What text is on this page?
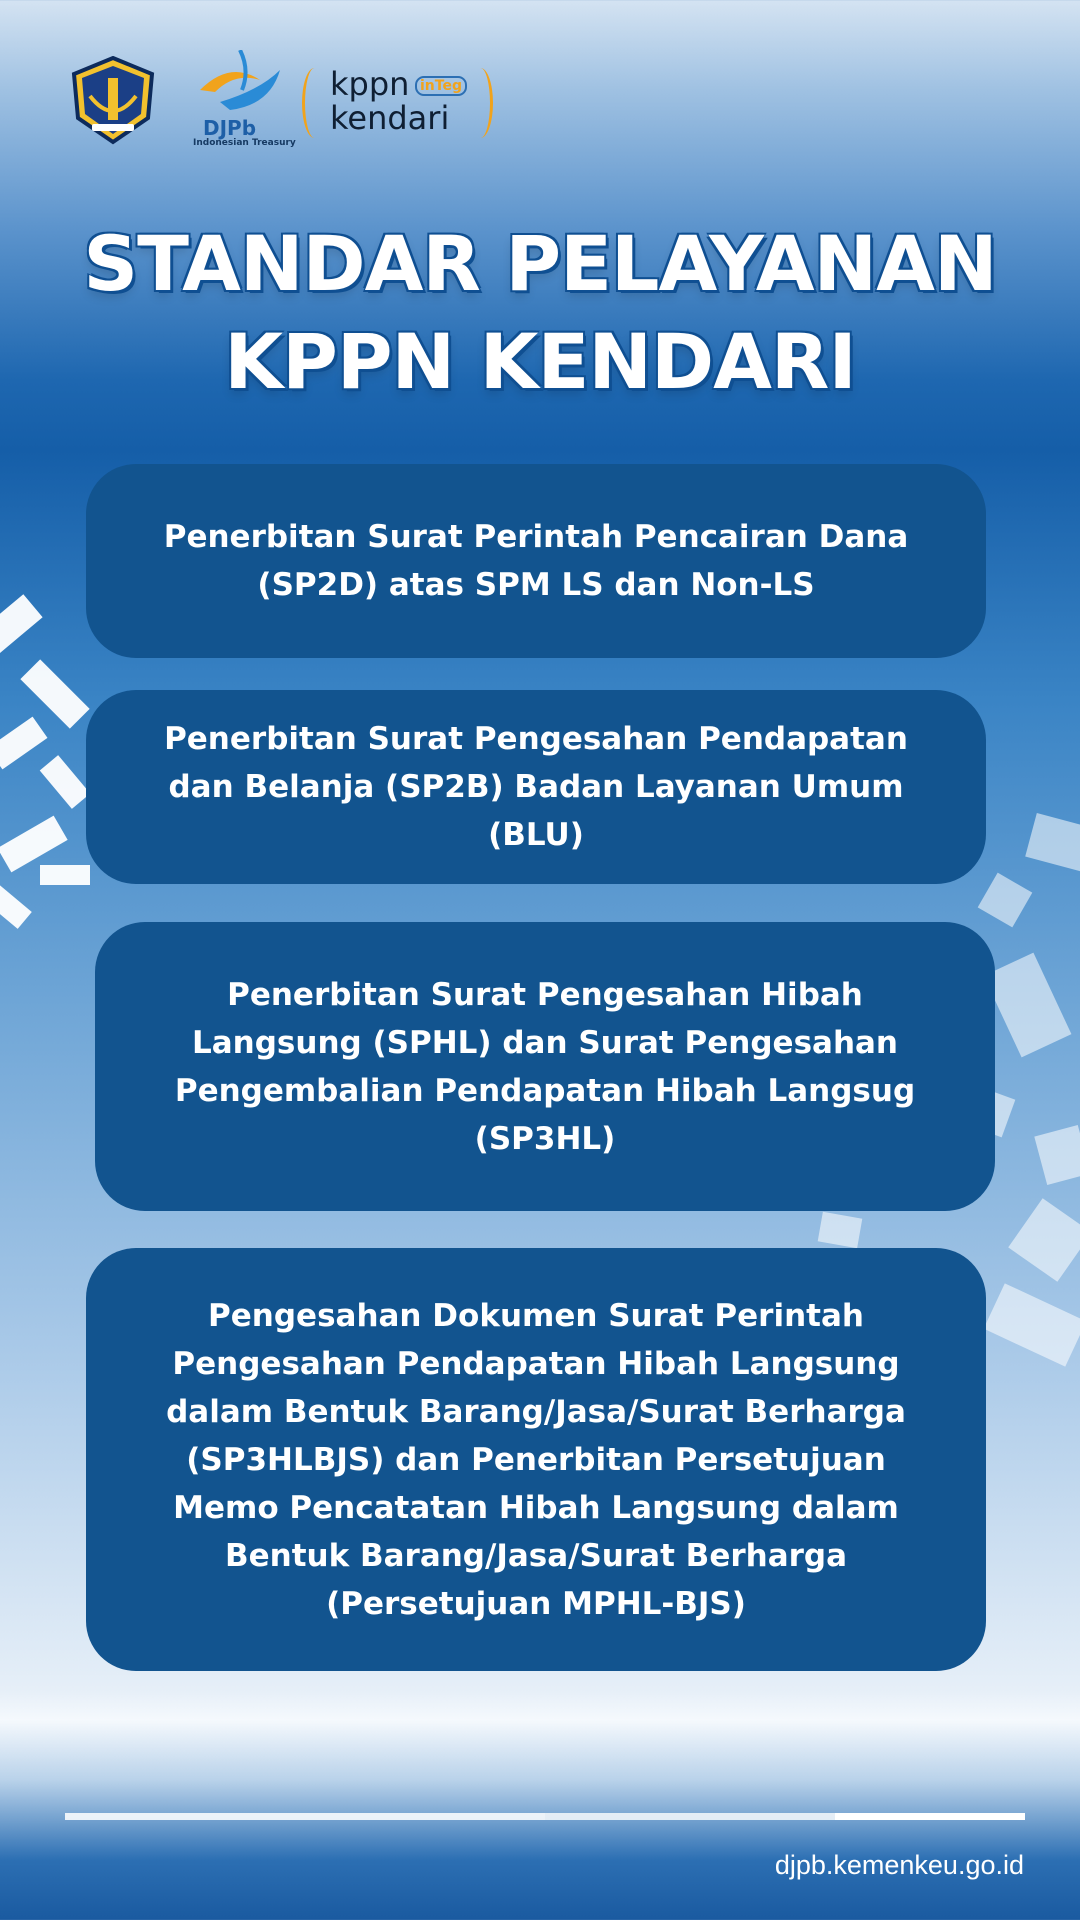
DJPb
Indonesian Treasury
kppn inTeg
kendari
STANDAR PELAYANAN
KPPN KENDARI
Penerbitan Surat Perintah Pencairan Dana (SP2D) atas SPM LS dan Non-LS
Penerbitan Surat Pengesahan Pendapatan dan Belanja (SP2B) Badan Layanan Umum (BLU)
Penerbitan Surat Pengesahan Hibah Langsung (SPHL) dan Surat Pengesahan Pengembalian Pendapatan Hibah Langsug (SP3HL)
Pengesahan Dokumen Surat Perintah Pengesahan Pendapatan Hibah Langsung dalam Bentuk Barang/Jasa/Surat Berharga (SP3HLBJS) dan Penerbitan Persetujuan Memo Pencatatan Hibah Langsung dalam Bentuk Barang/Jasa/Surat Berharga (Persetujuan MPHL-BJS)
djpb.kemenkeu.go.id
